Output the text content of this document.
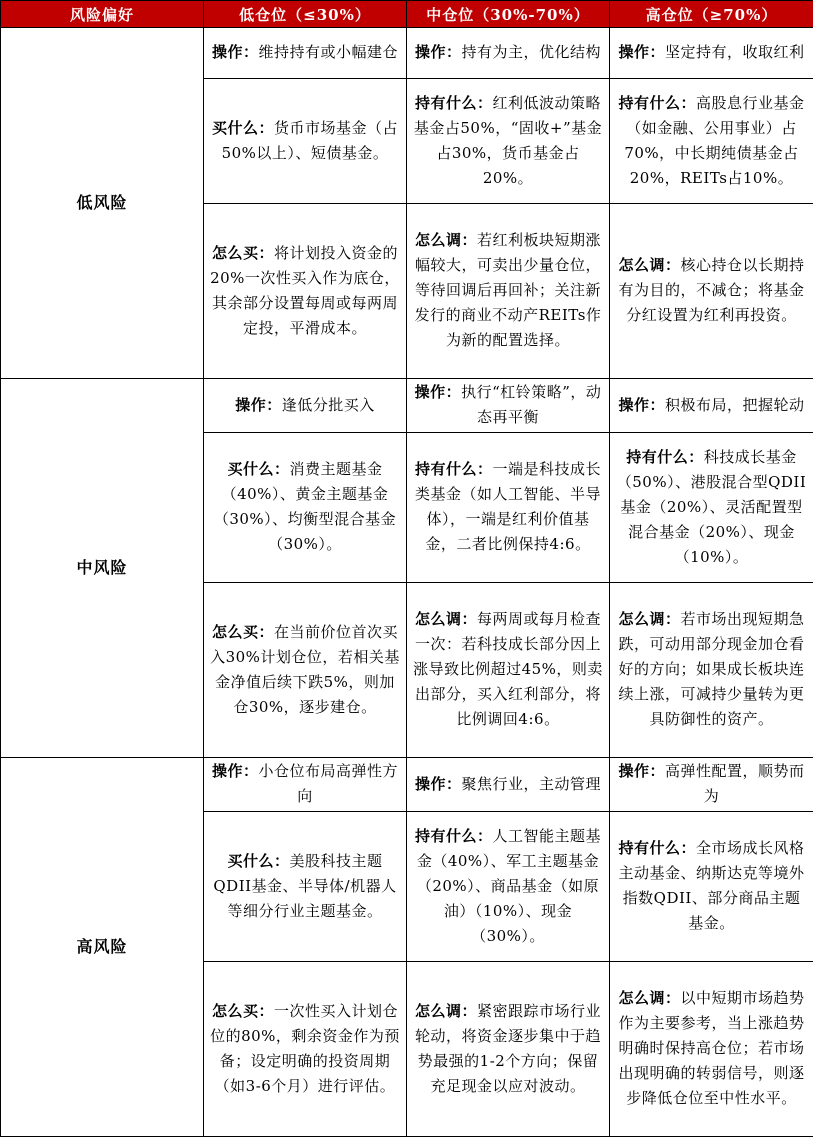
风险偏好	低仓位（≤30%）	中仓位（30%-70%）	高仓位（≥70%）
低风险	操作：维持持有或小幅建仓	操作：持有为主，优化结构	操作：坚定持有，收取红利
	买什么：货币市场基金（占50%以上）、短债基金。	持有什么：红利低波动策略基金占50%，“固收+”基金占30%，货币基金占20%。	持有什么：高股息行业基金（如金融、公用事业）占70%，中长期纯债基金占20%，REITs占10%。
	怎么买：将计划投入资金的20%一次性买入作为底仓，其余部分设置每周或每两周定投，平滑成本。	怎么调：若红利板块短期涨幅较大，可卖出少量仓位，等待回调后再回补；关注新发行的商业不动产REITs作为新的配置选择。	怎么调：核心持仓以长期持有为目的，不减仓；将基金分红设置为红利再投资。
中风险	操作：逢低分批买入	操作：执行“杠铃策略”，动态再平衡	操作：积极布局，把握轮动
	买什么：消费主题基金（40%）、黄金主题基金（30%）、均衡型混合基金（30%）。	持有什么：一端是科技成长类基金（如人工智能、半导体），一端是红利价值基金，二者比例保持4:6。	持有什么：科技成长基金（50%）、港股混合型QDII基金（20%）、灵活配置型混合基金（20%）、现金（10%）。
	怎么买：在当前价位首次买入30%计划仓位，若相关基金净值后续下跌5%，则加仓30%，逐步建仓。	怎么调：每两周或每月检查一次：若科技成长部分因上涨导致比例超过45%，则卖出部分，买入红利部分，将比例调回4:6。	怎么调：若市场出现短期急跌，可动用部分现金加仓看好的方向；如果成长板块连续上涨，可减持少量转为更具防御性的资产。
高风险	操作：小仓位布局高弹性方向	操作：聚焦行业，主动管理	操作：高弹性配置，顺势而为
	买什么：美股科技主题QDII基金、半导体/机器人等细分行业主题基金。	持有什么：人工智能主题基金（40%）、军工主题基金（20%）、商品基金（如原油）（10%）、现金（30%）。	持有什么：全市场成长风格主动基金、纳斯达克等境外指数QDII、部分商品主题基金。
	怎么买：一次性买入计划仓位的80%，剩余资金作为预备；设定明确的投资周期（如3-6个月）进行评估。	怎么调：紧密跟踪市场行业轮动，将资金逐步集中于趋势最强的1-2个方向；保留充足现金以应对波动。	怎么调：以中短期市场趋势作为主要参考，当上涨趋势明确时保持高仓位；若市场出现明确的转弱信号，则逐步降低仓位至中性水平。
